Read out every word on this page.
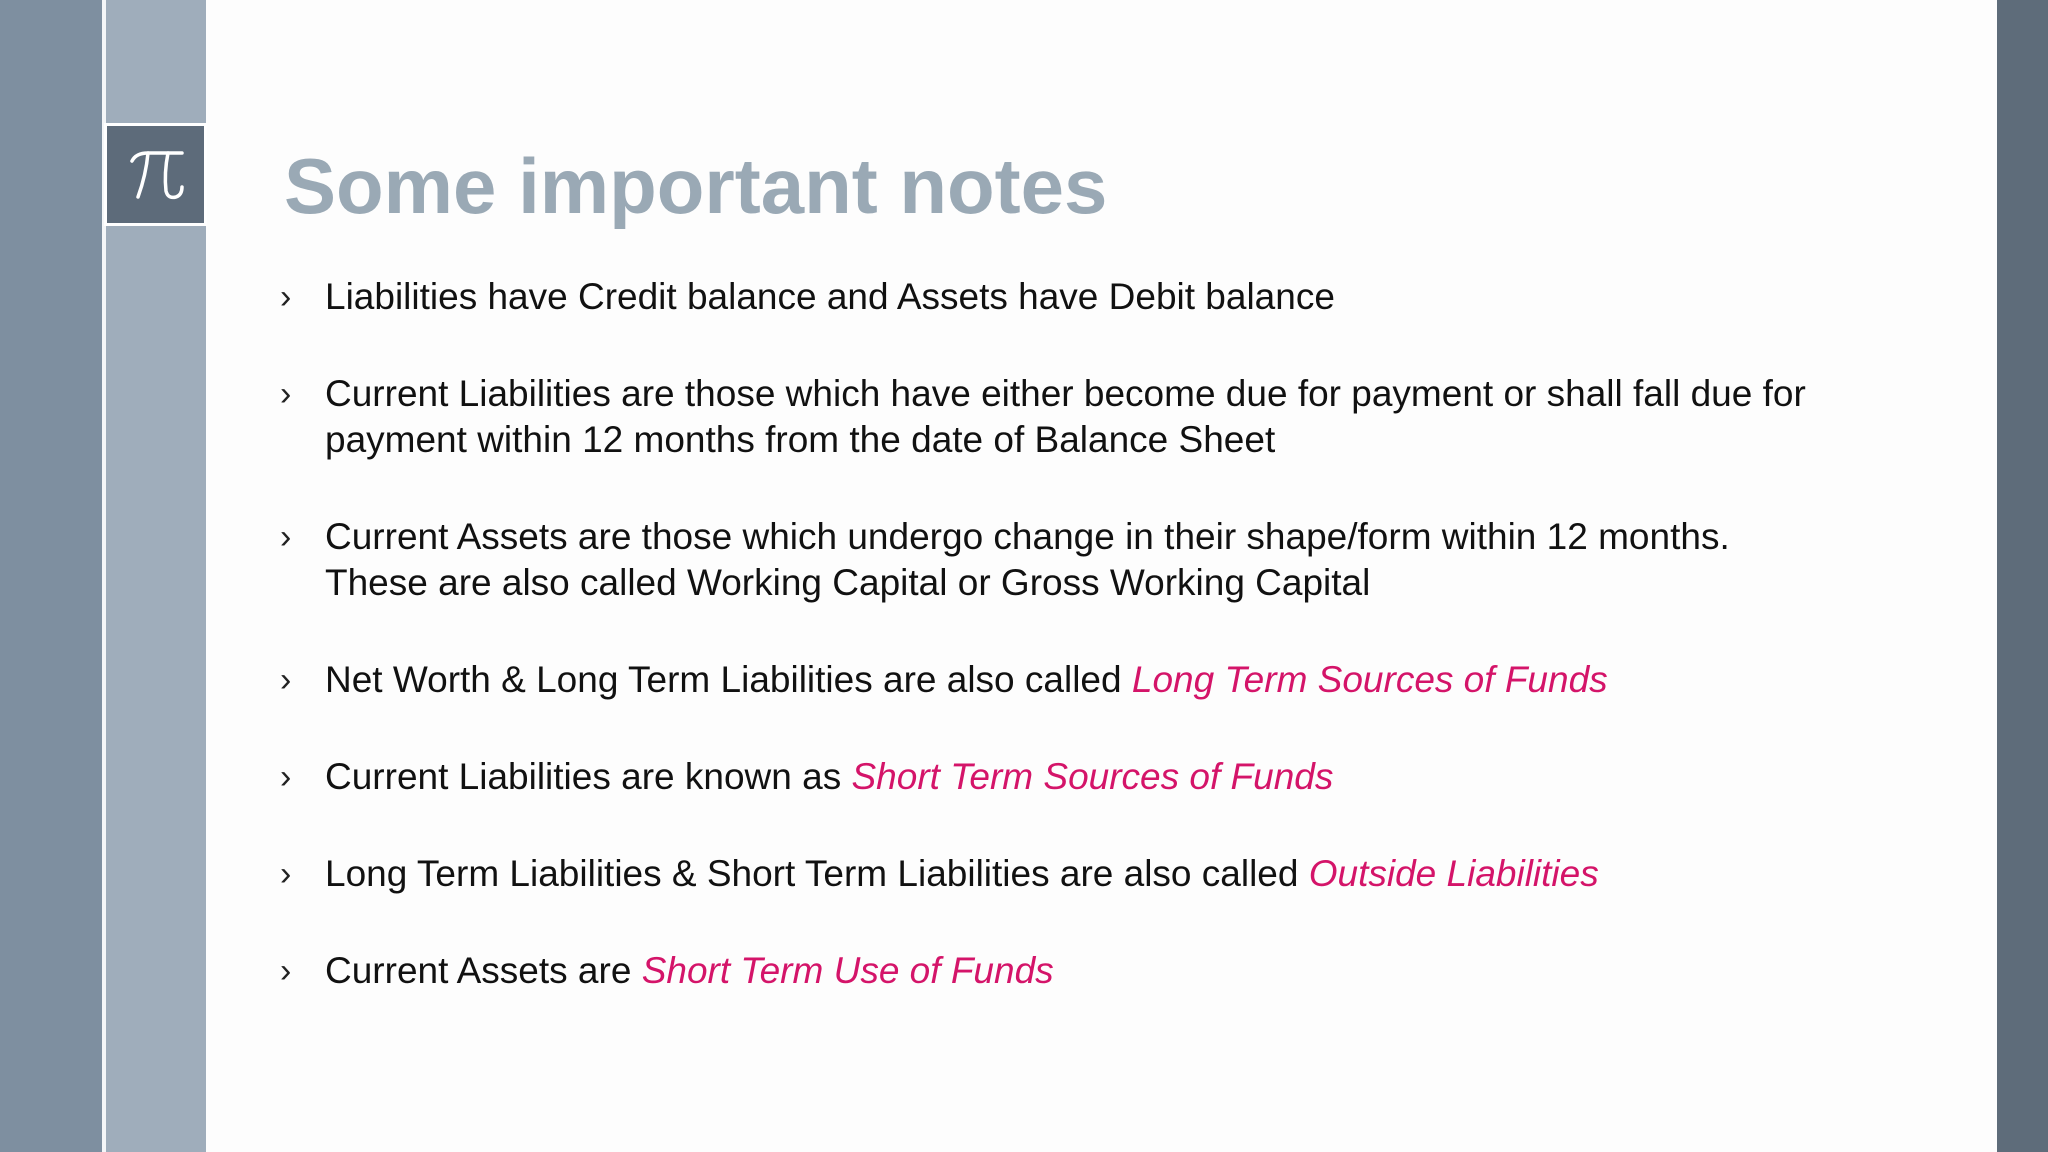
Some important notes
› Liabilities have Credit balance and Assets have Debit balance
› Current Liabilities are those which have either become due for payment or shall fall due for
payment within 12 months from the date of Balance Sheet
› Current Assets are those which undergo change in their shape/form within 12 months.
These are also called Working Capital or Gross Working Capital
› Net Worth & Long Term Liabilities are also called Long Term Sources of Funds
› Current Liabilities are known as Short Term Sources of Funds
› Long Term Liabilities & Short Term Liabilities are also called Outside Liabilities
› Current Assets are Short Term Use of Funds
